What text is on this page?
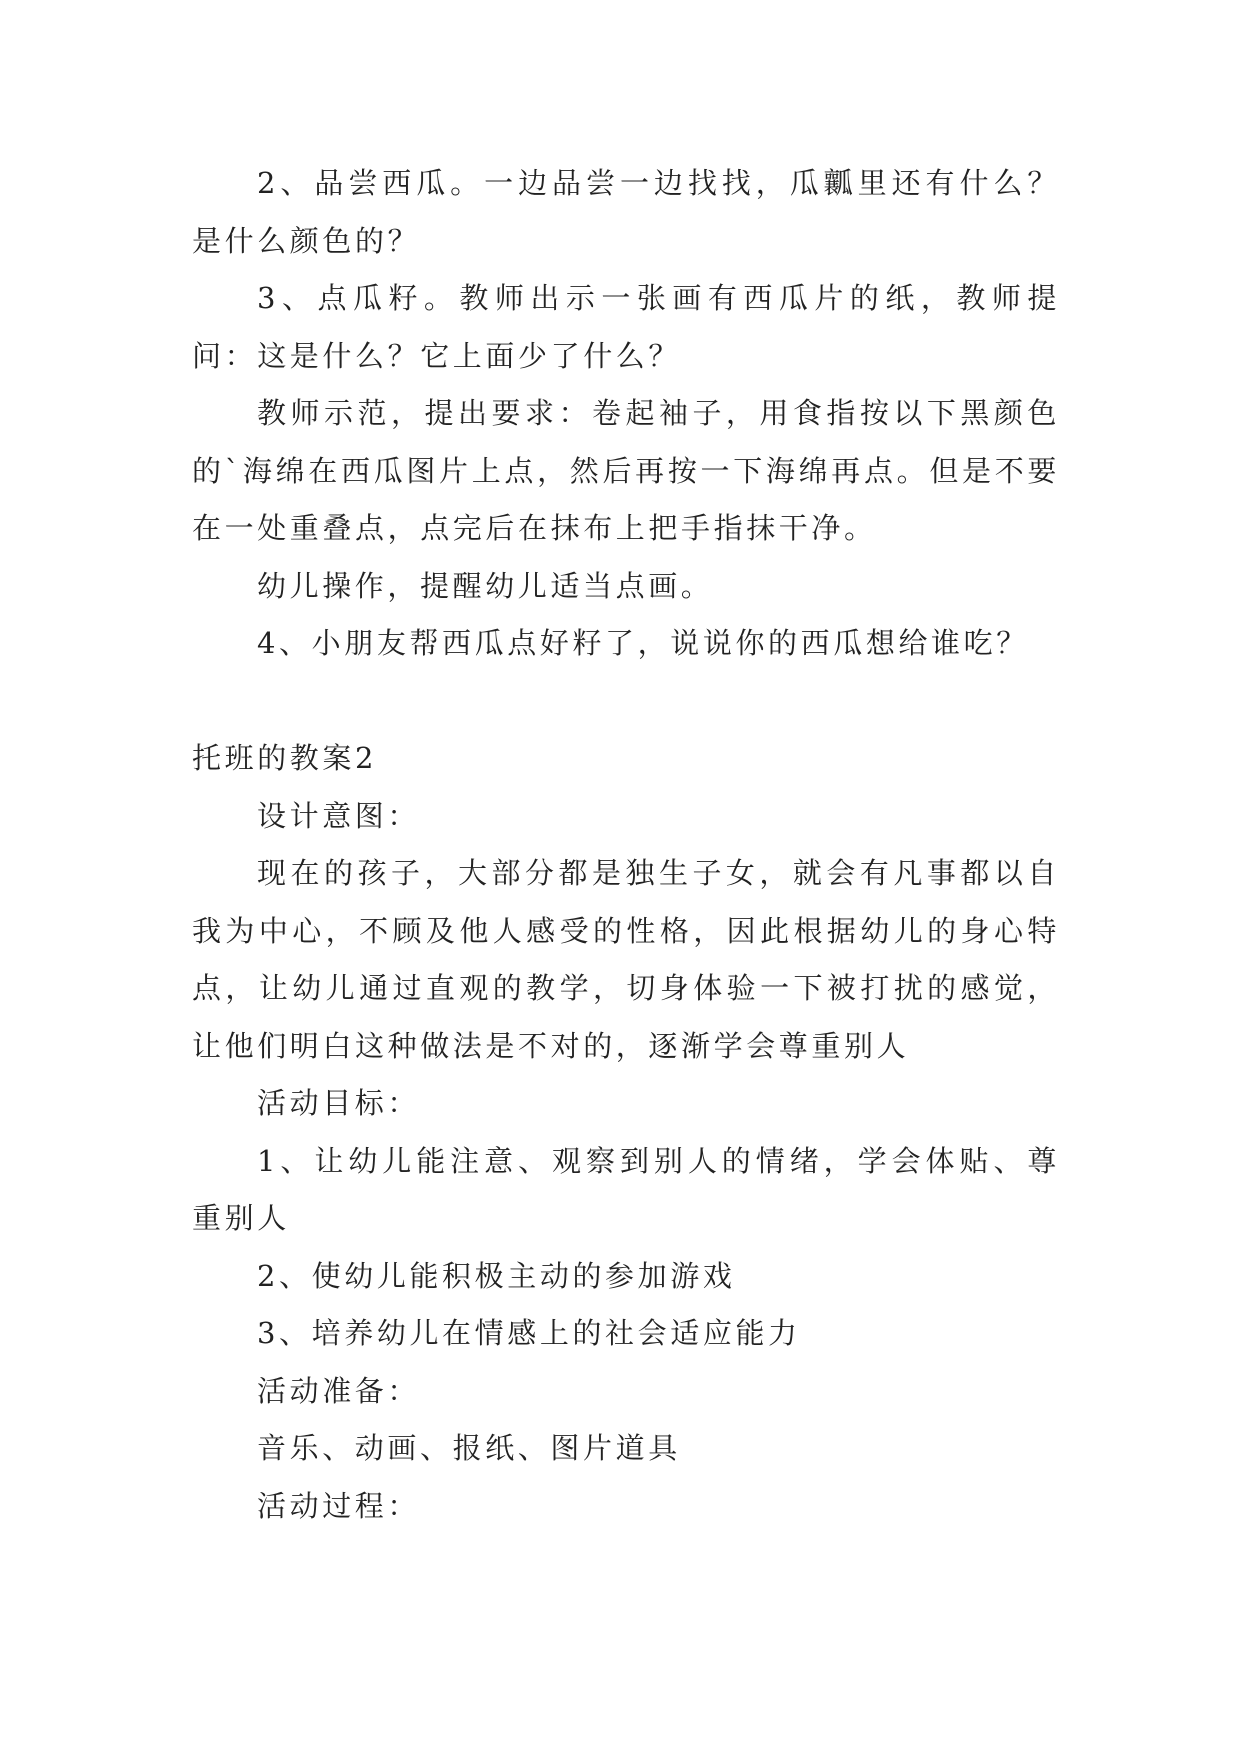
2、品尝西瓜。一边品尝一边找找，瓜瓤里还有什么？是什么颜色的？

3、点瓜籽。教师出示一张画有西瓜片的纸，教师提问：这是什么？它上面少了什么？

教师示范，提出要求：卷起袖子，用食指按以下黑颜色的`海绵在西瓜图片上点，然后再按一下海绵再点。但是不要在一处重叠点，点完后在抹布上把手指抹干净。

幼儿操作，提醒幼儿适当点画。

4、小朋友帮西瓜点好籽了，说说你的西瓜想给谁吃？

托班的教案2

设计意图：

现在的孩子，大部分都是独生子女，就会有凡事都以自我为中心，不顾及他人感受的性格，因此根据幼儿的身心特点，让幼儿通过直观的教学，切身体验一下被打扰的感觉，让他们明白这种做法是不对的，逐渐学会尊重别人

活动目标：

1、让幼儿能注意、观察到别人的情绪，学会体贴、尊重别人

2、使幼儿能积极主动的参加游戏

3、培养幼儿在情感上的社会适应能力

活动准备：

音乐、动画、报纸、图片道具

活动过程：
